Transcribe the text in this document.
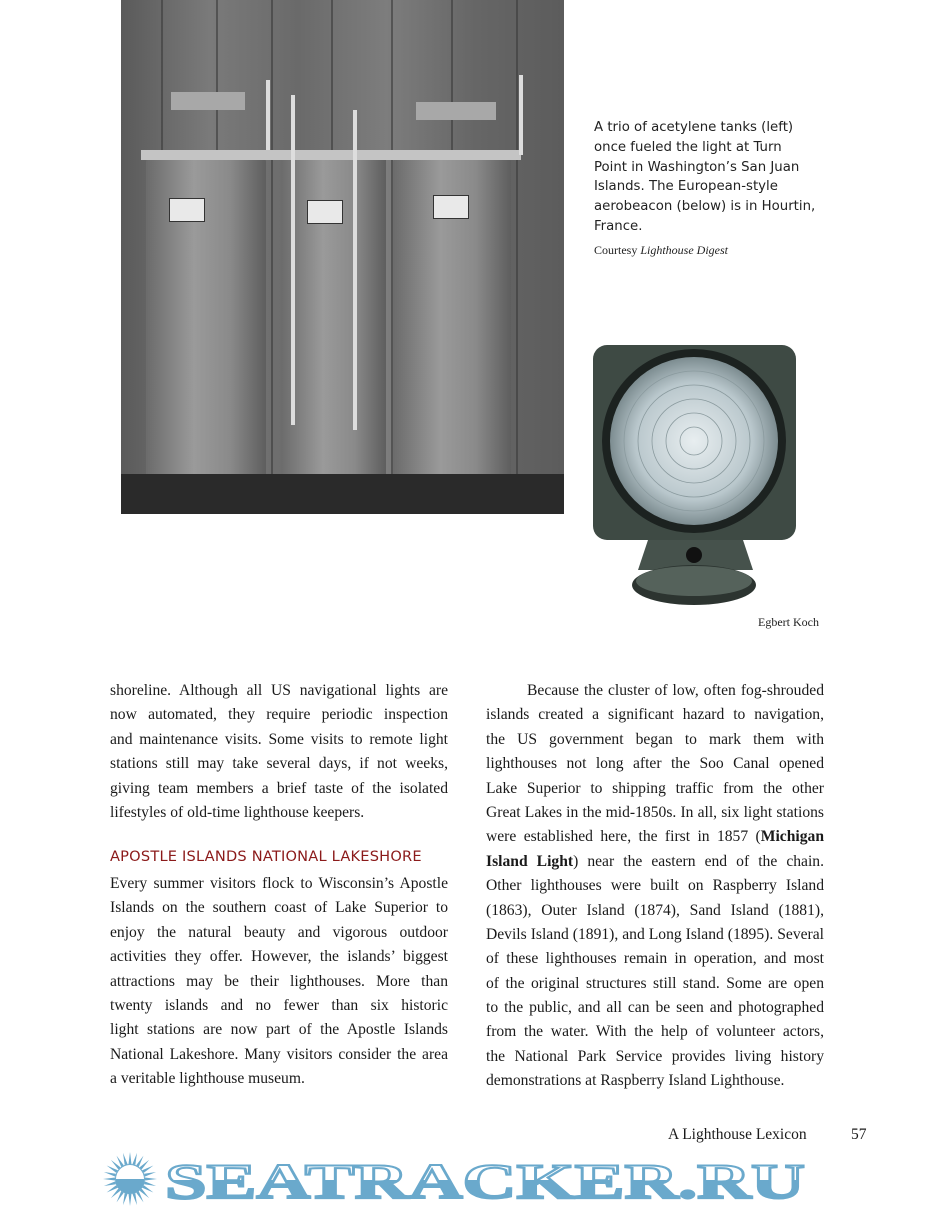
A trio of acetylene tanks (left)
once fueled the light at Turn
Point in Washington’s San Juan
Islands. The European-style
aerobeacon (below) is in Hourtin,
France.
Courtesy Lighthouse Digest
Egbert Koch
shoreline. Although all US navigational lights are
now automated, they require periodic inspection
and maintenance visits. Some visits to remote light
stations still may take several days, if not weeks,
giving team members a brief taste of the isolated
lifestyles of old-time lighthouse keepers.
APOSTLE ISLANDS NATIONAL LAKESHORE
Every summer visitors flock to Wisconsin’s Apostle
Islands on the southern coast of Lake Superior to
enjoy the natural beauty and vigorous outdoor
activities they offer. However, the islands’ biggest
attractions may be their lighthouses. More than
twenty islands and no fewer than six historic
light stations are now part of the Apostle Islands
National Lakeshore. Many visitors consider the area
a veritable lighthouse museum.
Because the cluster of low, often fog-shrouded
islands created a significant hazard to navigation,
the US government began to mark them with
lighthouses not long after the Soo Canal opened
Lake Superior to shipping traffic from the other
Great Lakes in the mid-1850s. In all, six light stations
were established here, the first in 1857 (Michigan
Island Light) near the eastern end of the chain.
Other lighthouses were built on Raspberry Island
(1863), Outer Island (1874), Sand Island (1881),
Devils Island (1891), and Long Island (1895). Several
of these lighthouses remain in operation, and most
of the original structures still stand. Some are open
to the public, and all can be seen and photographed
from the water. With the help of volunteer actors,
the National Park Service provides living history
demonstrations at Raspberry Island Lighthouse.
A Lighthouse Lexicon	57
SEATRACKER.RU
